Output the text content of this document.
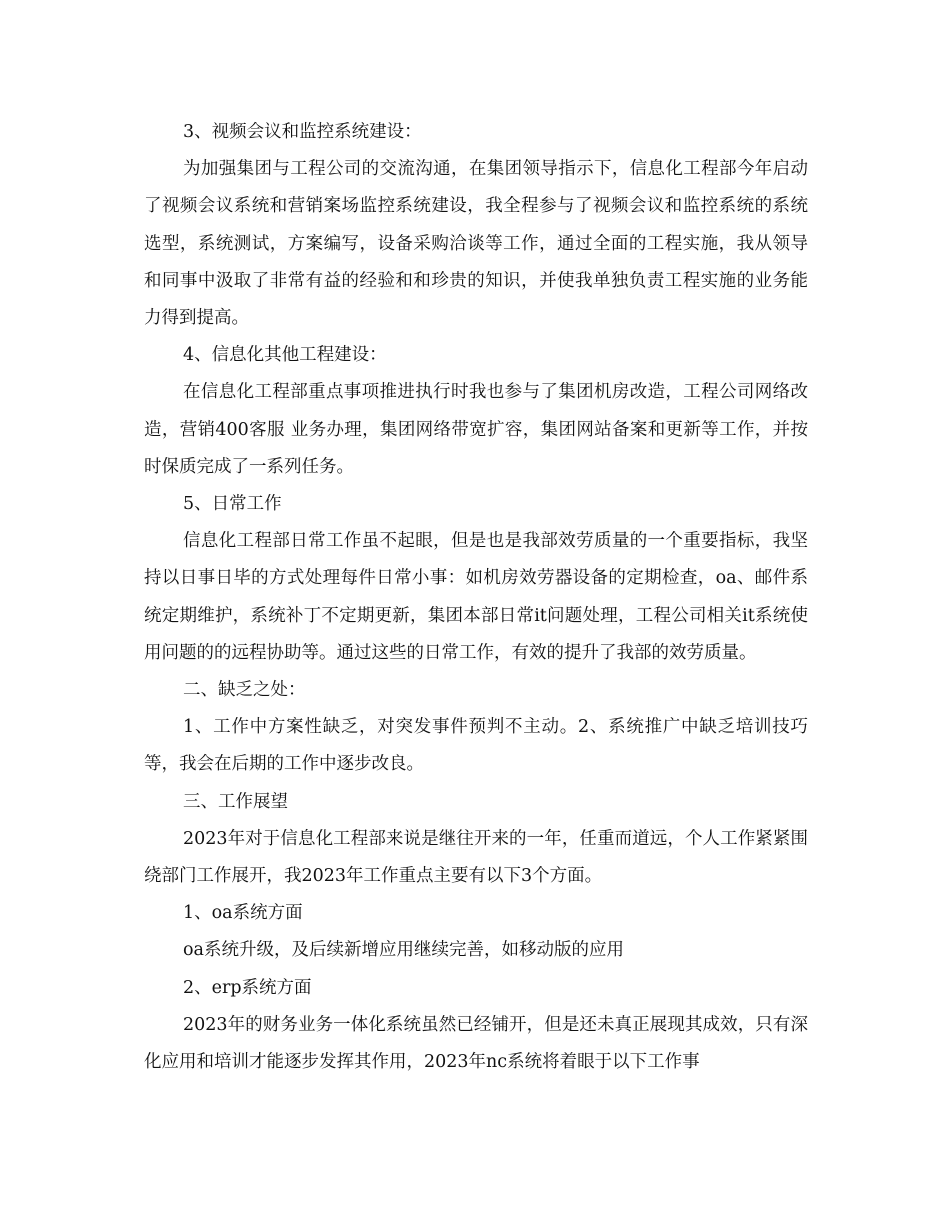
3、视频会议和监控系统建设：

为加强集团与工程公司的交流沟通，在集团领导指示下，信息化工程部今年启动了视频会议系统和营销案场监控系统建设，我全程参与了视频会议和监控系统的系统选型，系统测试，方案编写，设备采购洽谈等工作，通过全面的工程实施，我从领导和同事中汲取了非常有益的经验和和珍贵的知识，并使我单独负责工程实施的业务能力得到提高。

4、信息化其他工程建设：

在信息化工程部重点事项推进执行时我也参与了集团机房改造，工程公司网络改造，营销400客服 业务办理，集团网络带宽扩容，集团网站备案和更新等工作，并按时保质完成了一系列任务。

5、日常工作

信息化工程部日常工作虽不起眼，但是也是我部效劳质量的一个重要指标，我坚持以日事日毕的方式处理每件日常小事：如机房效劳器设备的定期检查，oa、邮件系统定期维护，系统补丁不定期更新，集团本部日常it问题处理，工程公司相关it系统使用问题的的远程协助等。通过这些的日常工作，有效的提升了我部的效劳质量。

二、缺乏之处：

1、工作中方案性缺乏，对突发事件预判不主动。2、系统推广中缺乏培训技巧等，我会在后期的工作中逐步改良。

三、工作展望

2023年对于信息化工程部来说是继往开来的一年，任重而道远，个人工作紧紧围绕部门工作展开，我2023年工作重点主要有以下3个方面。

1、oa系统方面

oa系统升级，及后续新增应用继续完善，如移动版的应用

2、erp系统方面

2023年的财务业务一体化系统虽然已经铺开，但是还未真正展现其成效，只有深化应用和培训才能逐步发挥其作用，2023年nc系统将着眼于以下工作事
